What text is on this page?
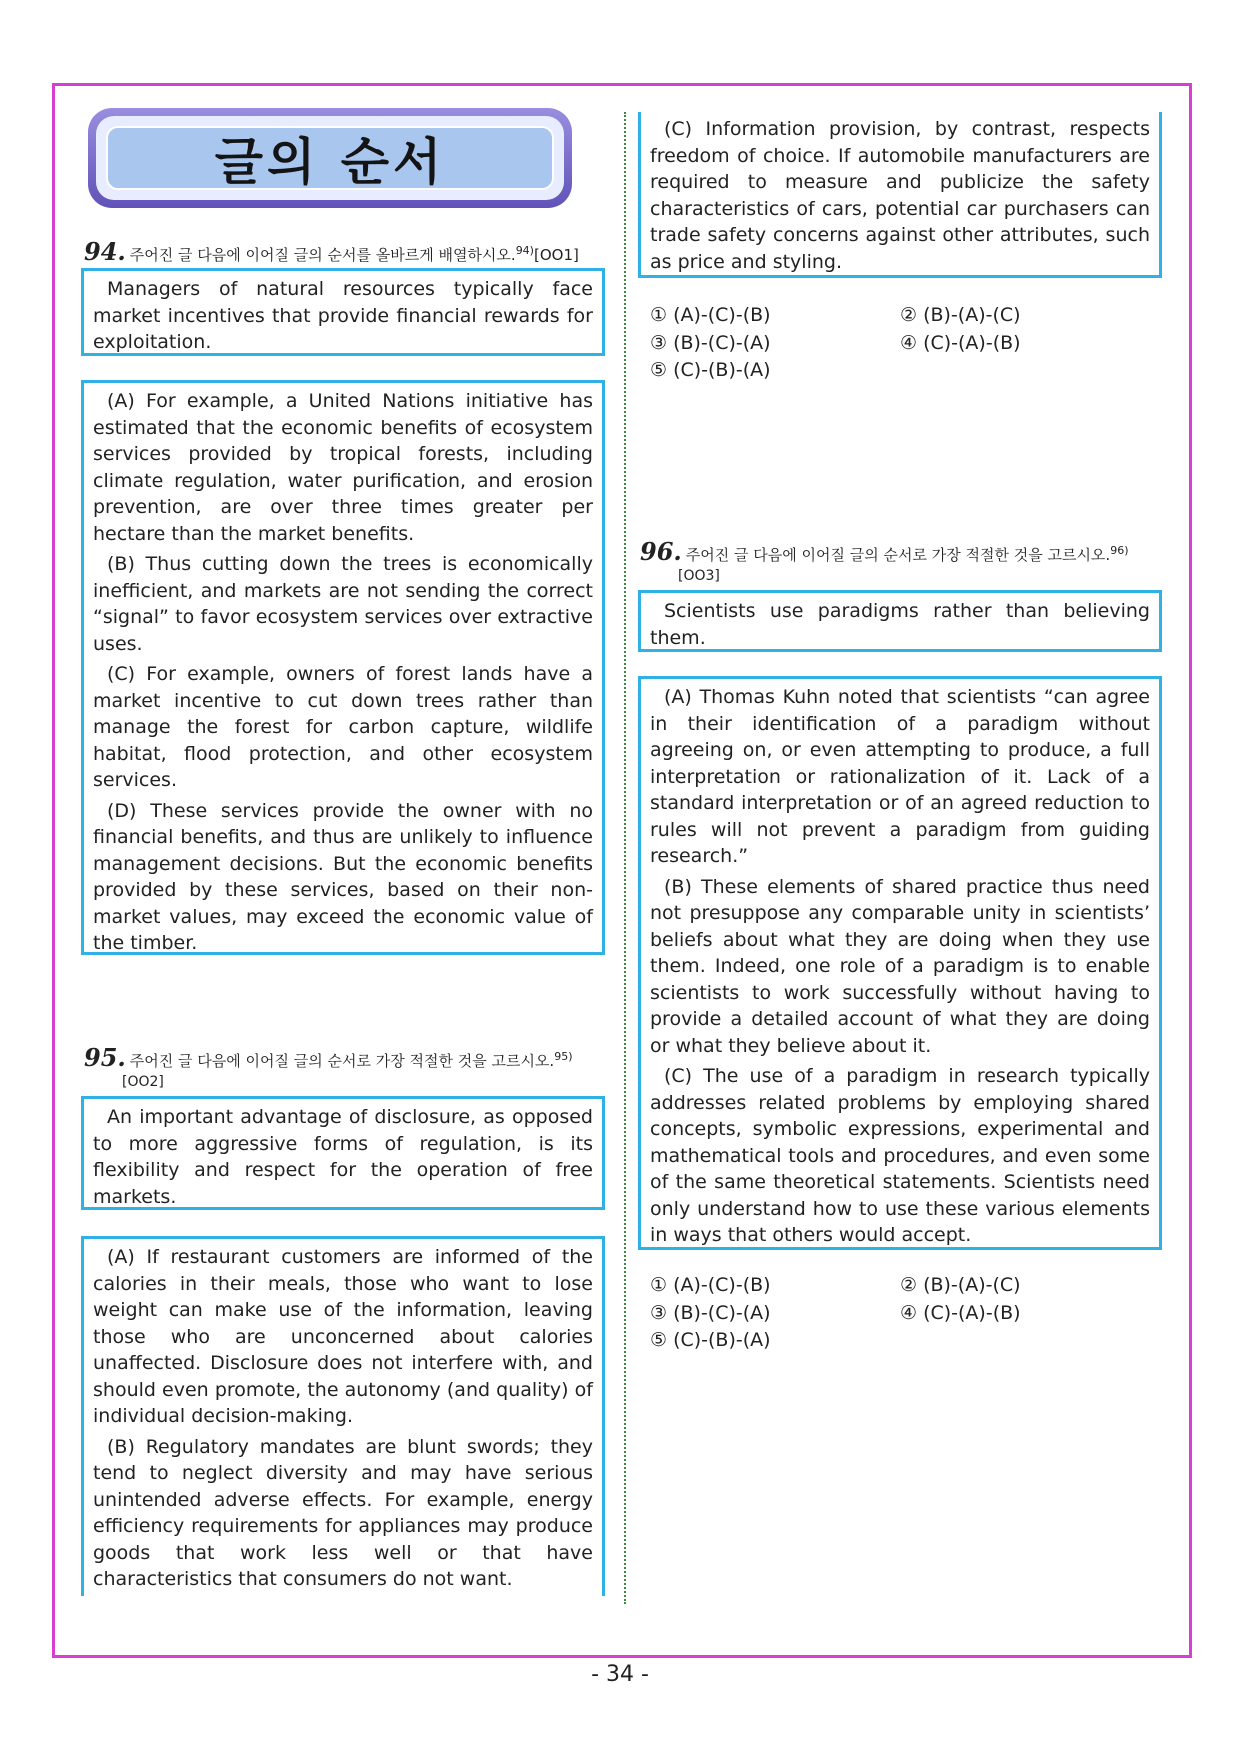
글의 순서
94. 주어진 글 다음에 이어질 글의 순서를 올바르게 배열하시오.$^{94)}$[OO1]

Managers of natural resources typically face market incentives that provide financial rewards for exploitation.

(A) For example, a United Nations initiative has estimated that the economic benefits of ecosystem services provided by tropical forests, including climate regulation, water purification, and erosion prevention, are over three times greater per hectare than the market benefits.

(B) Thus cutting down the trees is economically inefficient, and markets are not sending the correct “signal” to favor ecosystem services over extractive uses.

(C) For example, owners of forest lands have a market incentive to cut down trees rather than manage the forest for carbon capture, wildlife habitat, flood protection, and other ecosystem services.

(D) These services provide the owner with no financial benefits, and thus are unlikely to influence management decisions. But the economic benefits provided by these services, based on their non-market values, may exceed the economic value of the timber.

95. 주어진 글 다음에 이어질 글의 순서로 가장 적절한 것을 고르시오.$^{95)}$
[OO2]

An important advantage of disclosure, as opposed to more aggressive forms of regulation, is its flexibility and respect for the operation of free markets.

(A) If restaurant customers are informed of the calories in their meals, those who want to lose weight can make use of the information, leaving those who are unconcerned about calories unaffected. Disclosure does not interfere with, and should even promote, the autonomy (and quality) of individual decision-making.

(B) Regulatory mandates are blunt swords; they tend to neglect diversity and may have serious unintended adverse effects. For example, energy efficiency requirements for appliances may produce goods that work less well or that have characteristics that consumers do not want.

(C) Information provision, by contrast, respects freedom of choice. If automobile manufacturers are required to measure and publicize the safety characteristics of cars, potential car purchasers can trade safety concerns against other attributes, such as price and styling.

① (A)-(C)-(B)	② (B)-(A)-(C)
③ (B)-(C)-(A)	④ (C)-(A)-(B)
⑤ (C)-(B)-(A)
96. 주어진 글 다음에 이어질 글의 순서로 가장 적절한 것을 고르시오.$^{96)}$
[OO3]

Scientists use paradigms rather than believing them.

(A) Thomas Kuhn noted that scientists “can agree in their identification of a paradigm without agreeing on, or even attempting to produce, a full interpretation or rationalization of it. Lack of a standard interpretation or of an agreed reduction to rules will not prevent a paradigm from guiding research.”

(B) These elements of shared practice thus need not presuppose any comparable unity in scientists’ beliefs about what they are doing when they use them. Indeed, one role of a paradigm is to enable scientists to work successfully without having to provide a detailed account of what they are doing or what they believe about it.

(C) The use of a paradigm in research typically addresses related problems by employing shared concepts, symbolic expressions, experimental and mathematical tools and procedures, and even some of the same theoretical statements. Scientists need only understand how to use these various elements in ways that others would accept.

① (A)-(C)-(B)	② (B)-(A)-(C)
③ (B)-(C)-(A)	④ (C)-(A)-(B)
⑤ (C)-(B)-(A)
- 34 -
